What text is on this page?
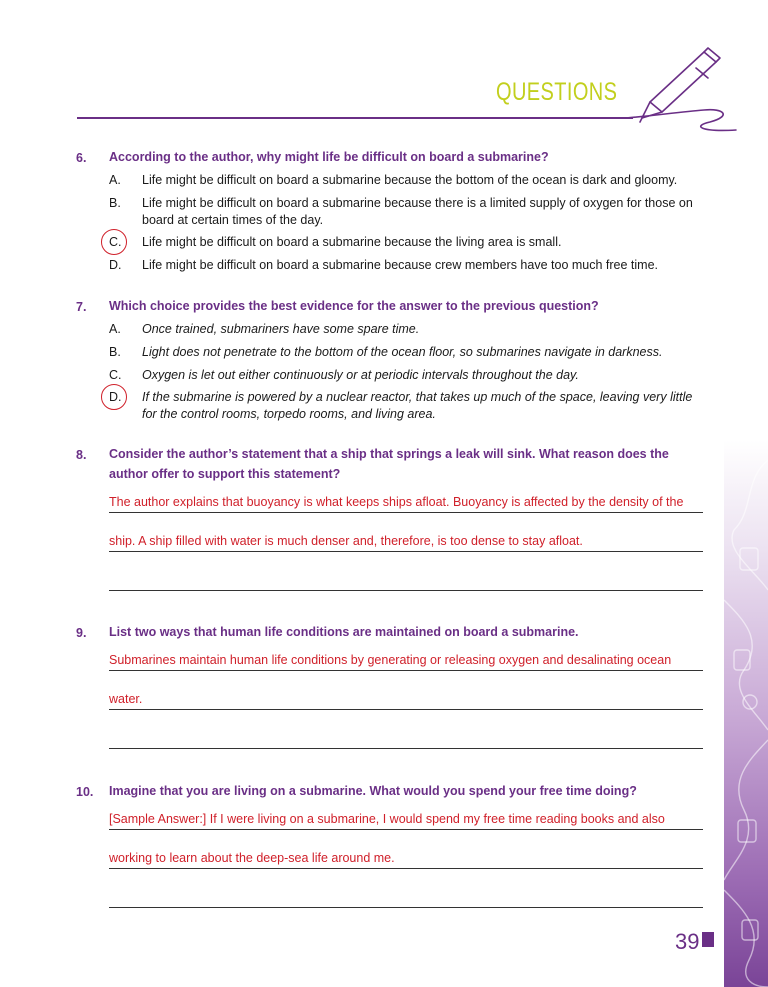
QUESTIONS
6. According to the author, why might life be difficult on board a submarine?
A. Life might be difficult on board a submarine because the bottom of the ocean is dark and gloomy.
B. Life might be difficult on board a submarine because there is a limited supply of oxygen for those on board at certain times of the day.
C. Life might be difficult on board a submarine because the living area is small.
D. Life might be difficult on board a submarine because crew members have too much free time.
7. Which choice provides the best evidence for the answer to the previous question?
A. Once trained, submariners have some spare time.
B. Light does not penetrate to the bottom of the ocean floor, so submarines navigate in darkness.
C. Oxygen is let out either continuously or at periodic intervals throughout the day.
D. If the submarine is powered by a nuclear reactor, that takes up much of the space, leaving very little for the control rooms, torpedo rooms, and living area.
8. Consider the author’s statement that a ship that springs a leak will sink. What reason does the author offer to support this statement?
The author explains that buoyancy is what keeps ships afloat. Buoyancy is affected by the density of the
ship. A ship filled with water is much denser and, therefore, is too dense to stay afloat.
9. List two ways that human life conditions are maintained on board a submarine.
Submarines maintain human life conditions by generating or releasing oxygen and desalinating ocean
water.
10. Imagine that you are living on a submarine. What would you spend your free time doing?
[Sample Answer:] If I were living on a submarine, I would spend my free time reading books and also
working to learn about the deep-sea life around me.
39
